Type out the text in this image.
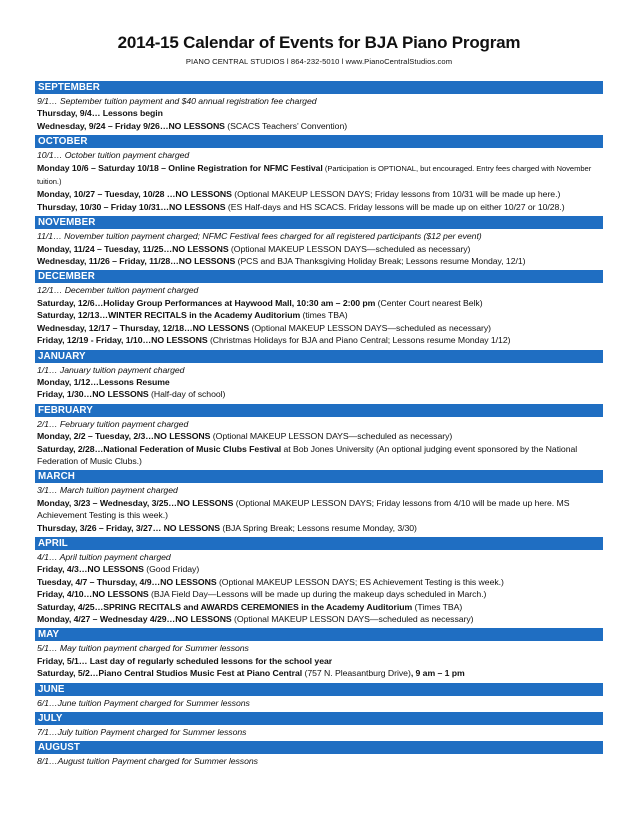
2014-15 Calendar of Events for BJA Piano Program
PIANO CENTRAL STUDIOS l 864-232-5010 l www.PianoCentralStudios.com
SEPTEMBER
9/1… September tuition payment and $40 annual registration fee charged
Thursday, 9/4… Lessons begin
Wednesday, 9/24 – Friday 9/26…NO LESSONS (SCACS Teachers’ Convention)
OCTOBER
10/1… October tuition payment charged
Monday 10/6 – Saturday 10/18 – Online Registration for NFMC Festival (Participation is OPTIONAL, but encouraged. Entry fees charged with November tuition.)
Monday, 10/27 – Tuesday, 10/28 …NO LESSONS (Optional MAKEUP LESSON DAYS; Friday lessons from 10/31 will be made up here.)
Thursday, 10/30 – Friday 10/31…NO LESSONS (ES Half-days and HS SCACS. Friday lessons will be made up on either 10/27 or 10/28.)
NOVEMBER
11/1… November tuition payment charged; NFMC Festival fees charged for all registered participants ($12 per event)
Monday, 11/24 – Tuesday, 11/25…NO LESSONS (Optional MAKEUP LESSON DAYS—scheduled as necessary)
Wednesday, 11/26 – Friday, 11/28…NO LESSONS (PCS and BJA Thanksgiving Holiday Break; Lessons resume Monday, 12/1)
DECEMBER
12/1… December tuition payment charged
Saturday, 12/6…Holiday Group Performances at Haywood Mall, 10:30 am – 2:00 pm (Center Court nearest Belk)
Saturday, 12/13…WINTER RECITALS in the Academy Auditorium (times TBA)
Wednesday, 12/17 – Thursday, 12/18…NO LESSONS (Optional MAKEUP LESSON DAYS—scheduled as necessary)
Friday, 12/19 - Friday, 1/10…NO LESSONS (Christmas Holidays for BJA and Piano Central; Lessons resume Monday 1/12)
JANUARY
1/1… January tuition payment charged
Monday, 1/12…Lessons Resume
Friday, 1/30…NO LESSONS (Half-day of school)
FEBRUARY
2/1… February tuition payment charged
Monday, 2/2 – Tuesday, 2/3…NO LESSONS (Optional MAKEUP LESSON DAYS—scheduled as necessary)
Saturday, 2/28…National Federation of Music Clubs Festival at Bob Jones University (An optional judging event sponsored by the National Federation of Music Clubs.)
MARCH
3/1… March tuition payment charged
Monday, 3/23 – Wednesday, 3/25…NO LESSONS (Optional MAKEUP LESSON DAYS; Friday lessons from 4/10 will be made up here. MS Achievement Testing is this week.)
Thursday, 3/26 – Friday, 3/27… NO LESSONS (BJA Spring Break; Lessons resume Monday, 3/30)
APRIL
4/1… April tuition payment charged
Friday, 4/3…NO LESSONS (Good Friday)
Tuesday, 4/7 – Thursday, 4/9…NO LESSONS (Optional MAKEUP LESSON DAYS; ES Achievement Testing is this week.)
Friday, 4/10…NO LESSONS (BJA Field Day—Lessons will be made up during the makeup days scheduled in March.)
Saturday, 4/25…SPRING RECITALS and AWARDS CEREMONIES in the Academy Auditorium (Times TBA)
Monday, 4/27 – Wednesday 4/29…NO LESSONS (Optional MAKEUP LESSON DAYS—scheduled as necessary)
MAY
5/1… May tuition payment charged for Summer lessons
Friday, 5/1… Last day of regularly scheduled lessons for the school year
Saturday, 5/2…Piano Central Studios Music Fest at Piano Central (757 N. Pleasantburg Drive), 9 am – 1 pm
JUNE
6/1…June tuition Payment charged for Summer lessons
JULY
7/1…July tuition Payment charged for Summer lessons
AUGUST
8/1…August tuition Payment charged for Summer lessons
